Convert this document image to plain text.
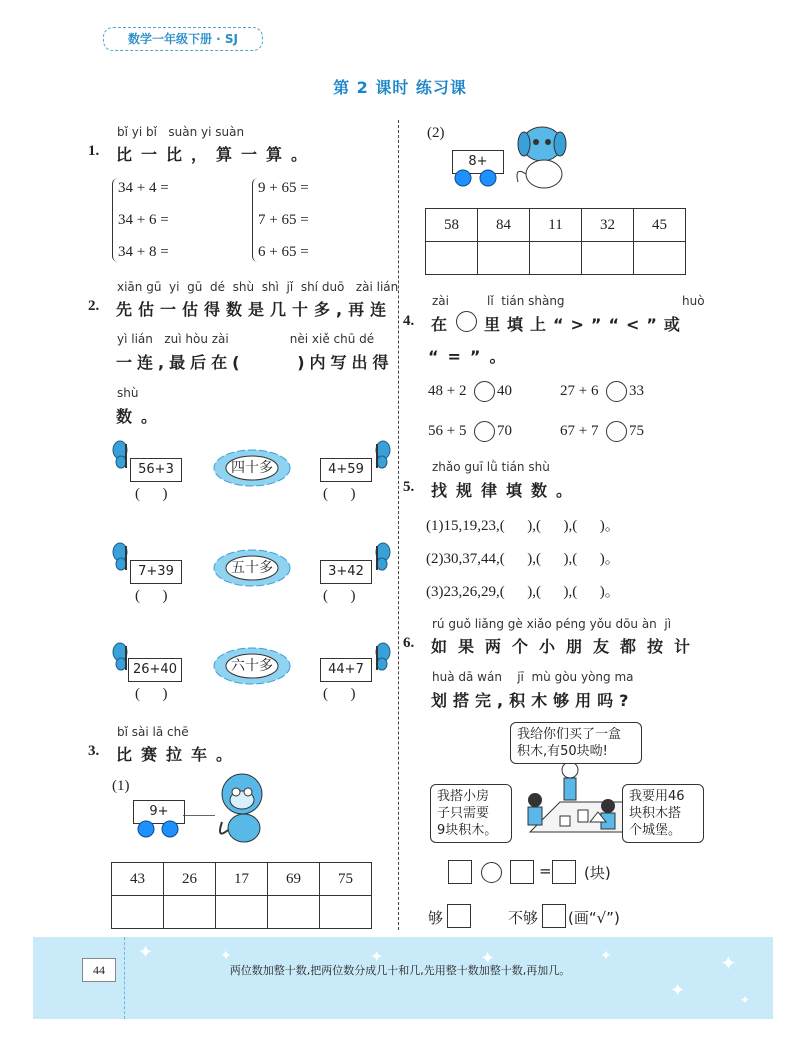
数学一年级下册 · SJ
第 2 课时 练习课
bǐ yi bǐ   suàn yi suàn
1. 比一比，算一算。
34 + 4 =
34 + 6 =
34 + 8 =
9 + 65 =
7 + 65 =
6 + 65 =
xiān gū  yi  gū  dé  shù  shì  jǐ  shí duō   zài lián
2. 先估一估得数是几十多,再连
yì lián   zuì hòu zài                nèi xiě chū dé
一连,最后在(     )内写出得
shù
数。
56+3
(      )
四十多	4+59
(      )
7+39
(      )
五十多	3+42
(      )
26+40
(      )
六十多	44+7
(      )
bǐ sài lā chē
3. 比赛拉车。
(1)
9+
43	26	17	69	75

(2)
8+
58	84	11	32	45

zài	lǐ  tián shàng	huò
4. 在 里填上“>”“<”或
“=”。
48 + 2 40	27 + 6 33
56 + 5 70	67 + 7 75
zhǎo guī lǜ tián shù
5. 找规律填数。
(1)15,19,23,(      ),(      ),(      )。
(2)30,37,44,(      ),(      ),(      )。
(3)23,26,29,(      ),(      ),(      )。
rú guǒ liǎng gè xiǎo péng yǒu dōu àn  jì
6. 如果两个小朋友都按计
huà dā wán    jī  mù gòu yòng ma
划搭完,积木够用吗?
我给你们买了一盒
积木,有50块呦!
我搭小房
子只需要
9块积木。
我要用46
块积木搭
个城堡。
= (块)
够	不够 (画“√”)
✦	✦	✦	✦	✦	✦
✦	✦
44	两位数加整十数,把两位数分成几十和几,先用整十数加整十数,再加几。
